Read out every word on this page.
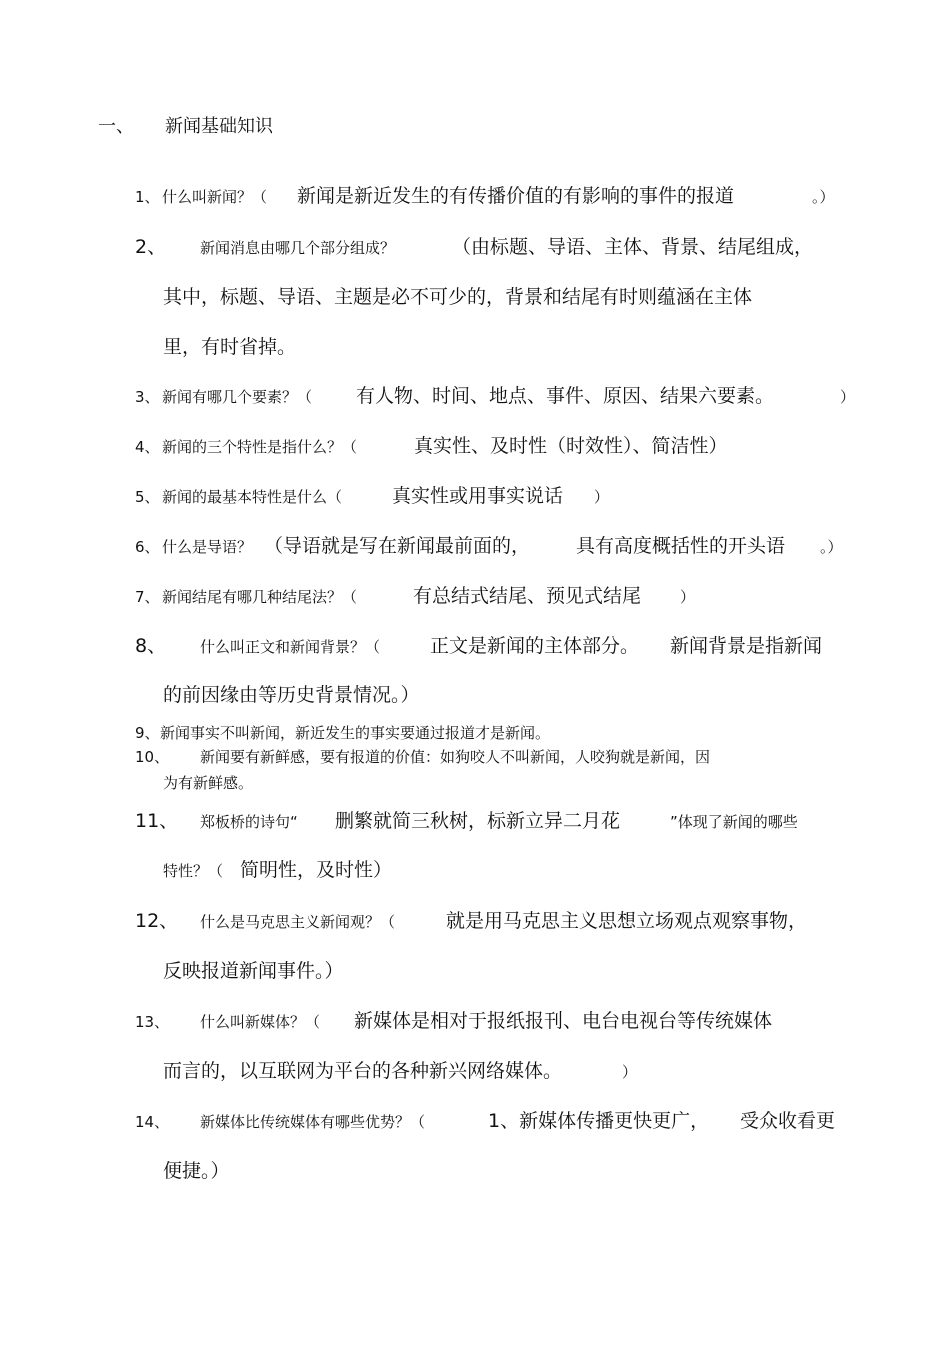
一、 新闻基础知识
1、 什么叫新闻？（ 新闻是新近发生的有传播价值的有影响的事件的报道	。）
2、 新闻消息由哪几个部分组成？	（由标题、导语、主体、背景、结尾组成，
其中，标题、导语、主题是必不可少的，背景和结尾有时则蕴涵在主体
里，有时省掉。
3、 新闻有哪几个要素？（ 有人物、时间、地点、事件、原因、结果六要素。	）
4、 新闻的三个特性是指什么？（	真实性、及时性（时效性）、简洁性）
5、 新闻的最基本特性是什么（	真实性或用事实说话 ）
6、 什么是导语？ （导语就是写在新闻最前面的， 具有高度概括性的开头语 。）
7、 新闻结尾有哪几种结尾法？（	有总结式结尾、预见式结尾	）
8、 什么叫正文和新闻背景？（	正文是新闻的主体部分。 新闻背景是指新闻
的前因缘由等历史背景情况。）
9、 新闻事实不叫新闻，新近发生的事实要通过报道才是新闻。
10、 新闻要有新鲜感，要有报道的价值：如狗咬人不叫新闻，人咬狗就是新闻，因
为有新鲜感。
11、 郑板桥的诗句“ 删繁就简三秋树，标新立异二月花	”体现了新闻的哪些
特性？（ 简明性，及时性）
12、 什么是马克思主义新闻观？（	就是用马克思主义思想立场观点观察事物，
反映报道新闻事件。）
13、 什么叫新媒体？（ 新媒体是相对于报纸报刊、电台电视台等传统媒体
而言的，以互联网为平台的各种新兴网络媒体。	）
14、 新媒体比传统媒体有哪些优势？（	1、新媒体传播更快更广， 受众收看更
便捷。）
